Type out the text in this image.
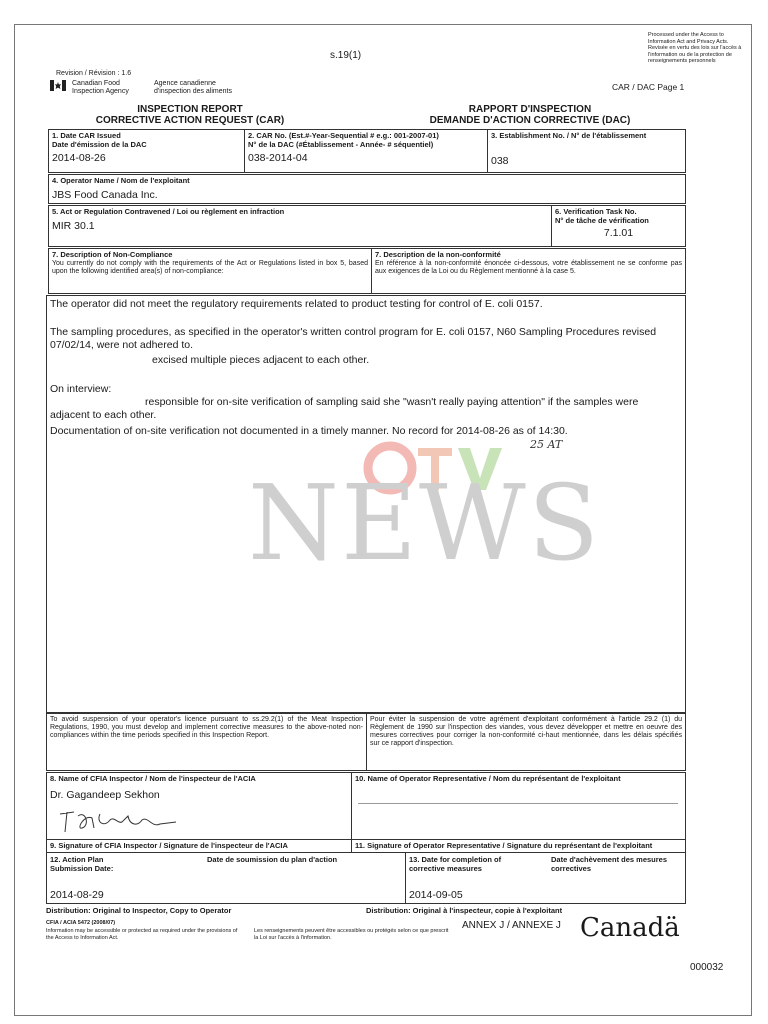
s.19(1)
Processed under the Access to Information Act and Privacy Acts. Revisée en vertu des lois sur l'accès à l'information ou de la protection de renseignements personnels
Revision / Révision : 1.6
Canadian Food Inspection Agency
Agence canadienne d'inspection des aliments	CAR / DAC Page 1
INSPECTION REPORT
CORRECTIVE ACTION REQUEST (CAR)
RAPPORT D'INSPECTION
DEMANDE D'ACTION CORRECTIVE (DAC)
1. Date CAR Issued
Date d'émission de la DAC
2014-08-26
2. CAR No. (Est.#-Year-Sequential # e.g.: 001-2007-01)
N° de la DAC (#Établissement - Année- # séquentiel)
038-2014-04
3. Establishment No. / N° de l'établissement
038
4. Operator Name / Nom de l'exploitant
JBS Food Canada Inc.
5. Act or Regulation Contravened / Loi ou règlement en infraction
MIR 30.1
6. Verification Task No.
N° de tâche de vérification
7.1.01
7. Description of Non-Compliance
You currently do not comply with the requirements of the Act or Regulations listed in box 5, based upon the following identified area(s) of non-compliance:
7. Description de la non-conformité
En référence à la non-conformité énoncée ci-dessous, votre établissement ne se conforme pas aux exigences de la Loi ou du Règlement mentionné à la case 5.
NEWS
The operator did not meet the regulatory requirements related to product testing for control of E. coli 0157.
The sampling procedures, as specified in the operator's written control program for E. coli 0157, N60 Sampling Procedures revised 07/02/14, were not adhered to.
excised multiple pieces adjacent to each other.
On interview:
responsible for on-site verification of sampling said she "wasn't really paying attention" if the samples were adjacent to each other.
Documentation of on-site verification not documented in a timely manner. No record for 2014-08-26 as of 14:30.
25 AT
To avoid suspension of your operator's licence pursuant to ss.29.2(1) of the Meat Inspection Regulations, 1990, you must develop and implement corrective measures to the above-noted non-compliances within the time periods specified in this Inspection Report.
Pour éviter la suspension de votre agrément d'exploitant conformément à l'article 29.2 (1) du Règlement de 1990 sur l'inspection des viandes, vous devez développer et mettre en oeuvre des mesures correctives pour corriger la non-conformité ci-haut mentionnée, dans les délais spécifiés sur ce rapport d'inspection.
8. Name of CFIA Inspector / Nom de l'inspecteur de l'ACIA
Dr. Gagandeep Sekhon
10. Name of Operator Representative / Nom du représentant de l'exploitant
9. Signature of CFIA Inspector / Signature de l'inspecteur de l'ACIA	11. Signature of Operator Representative / Signature du représentant de l'exploitant
12. Action Plan Submission Date:
Date de soumission du plan d'action
2014-08-29
13. Date for completion of corrective measures
Date d'achèvement des mesures correctives
2014-09-05
Distribution: Original to Inspector, Copy to Operator	Distribution: Original à l'inspecteur, copie à l'exploitant
CFIA / ACIA 5472 (2008/07)
Information may be accessible or protected as required under the provisions of the Access to Information Act.
Les renseignements peuvent être accessibles ou protégés selon ce que prescrit la Loi sur l'accès à l'information.
ANNEX J / ANNEXE J Canadä
000032
